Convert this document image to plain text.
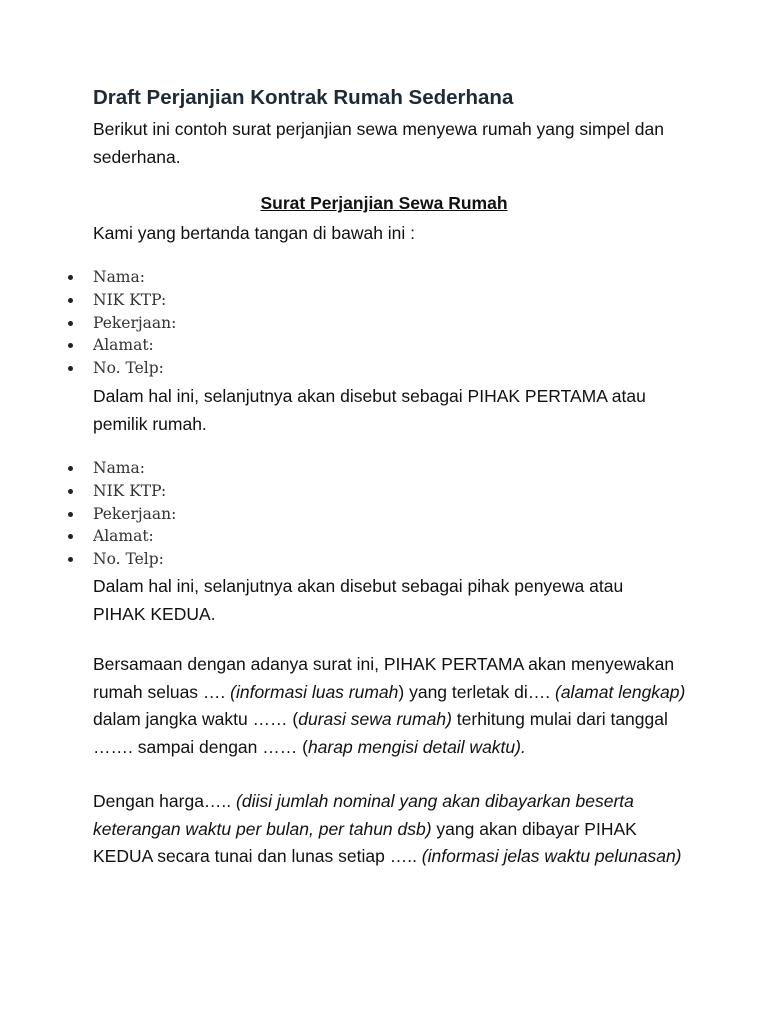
Draft Perjanjian Kontrak Rumah Sederhana

Berikut ini contoh surat perjanjian sewa menyewa rumah yang simpel dan sederhana.

Surat Perjanjian Sewa Rumah

Kami yang bertanda tangan di bawah ini :

Nama:
NIK KTP:
Pekerjaan:
Alamat:
No. Telp:

Dalam hal ini, selanjutnya akan disebut sebagai PIHAK PERTAMA atau pemilik rumah.

Nama:
NIK KTP:
Pekerjaan:
Alamat:
No. Telp:

Dalam hal ini, selanjutnya akan disebut sebagai pihak penyewa atau PIHAK KEDUA.

Bersamaan dengan adanya surat ini, PIHAK PERTAMA akan menyewakan rumah seluas …. (informasi luas rumah) yang terletak di…. (alamat lengkap) dalam jangka waktu …… (durasi sewa rumah) terhitung mulai dari tanggal ……. sampai dengan …… (harap mengisi detail waktu).

Dengan harga….. (diisi jumlah nominal yang akan dibayarkan beserta keterangan waktu per bulan, per tahun dsb) yang akan dibayar PIHAK KEDUA secara tunai dan lunas setiap ….. (informasi jelas waktu pelunasan)
